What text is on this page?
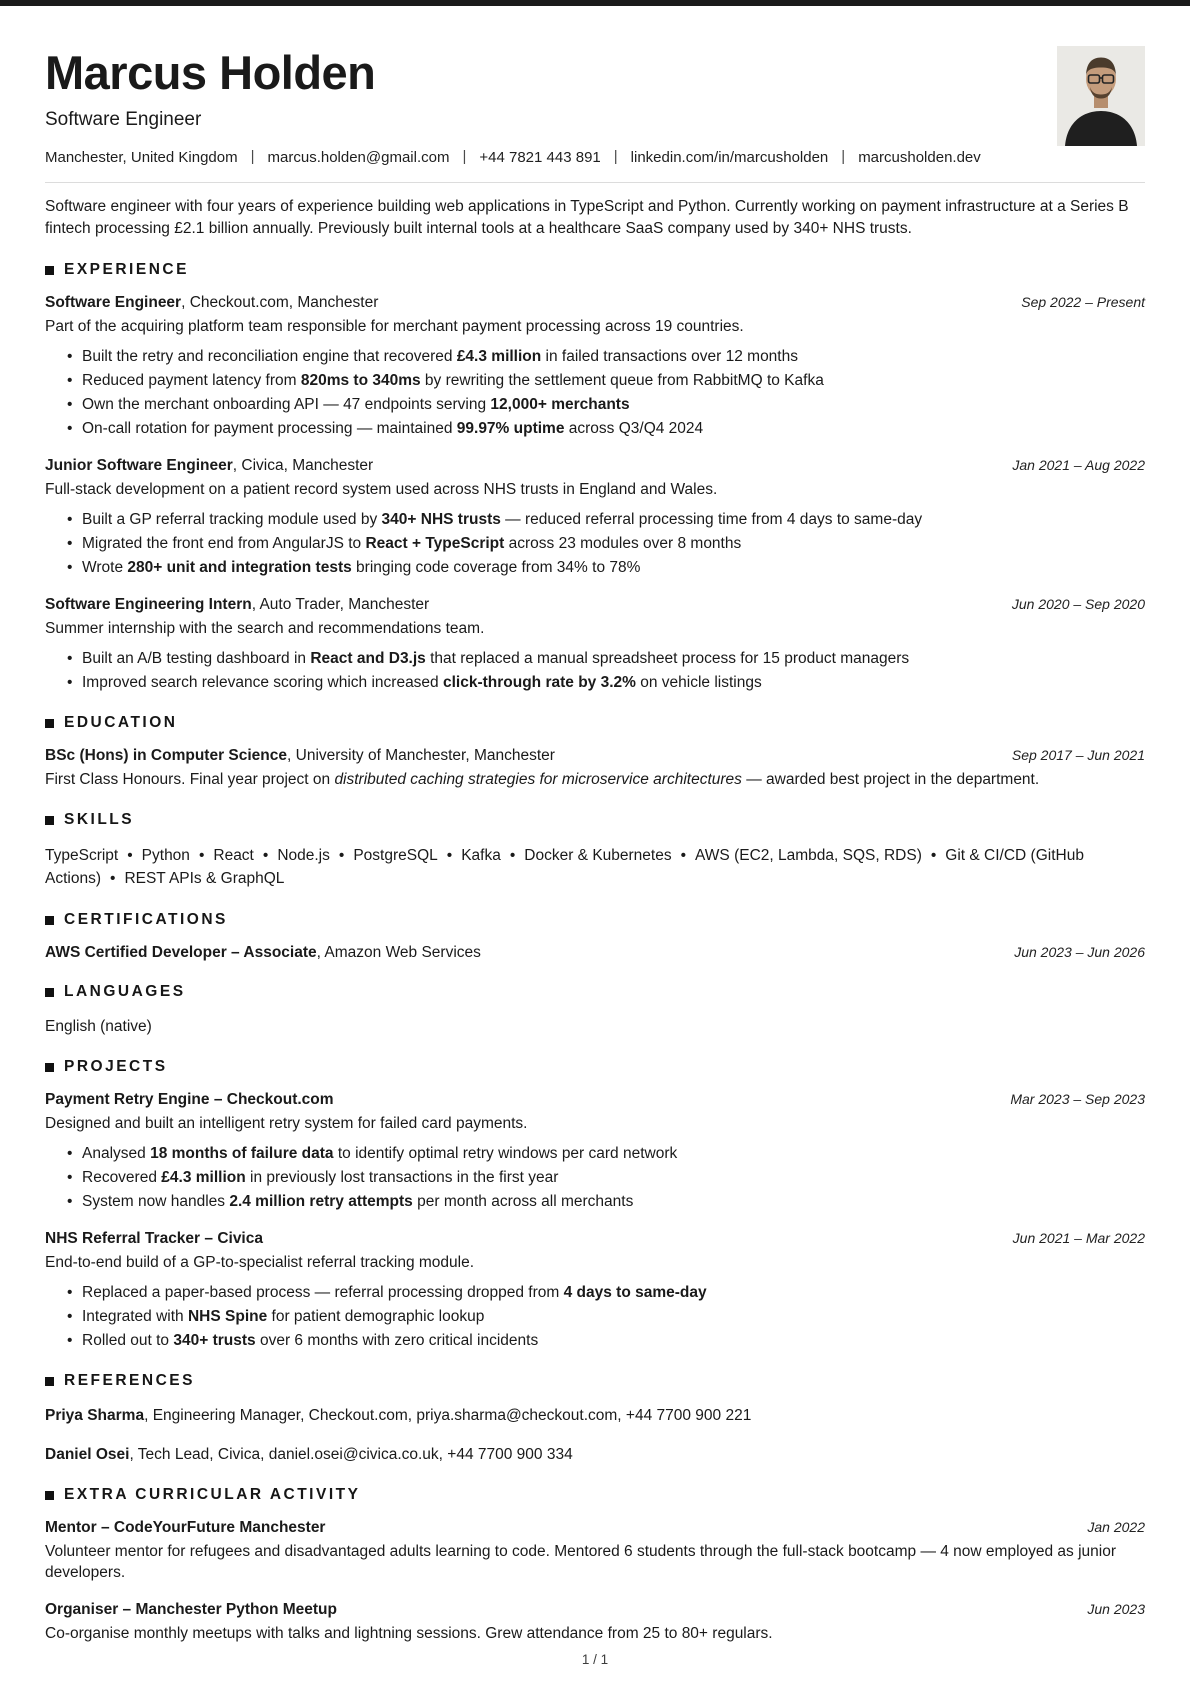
Marcus Holden
Software Engineer
Manchester, United Kingdom | marcus.holden@gmail.com | +44 7821 443 891 | linkedin.com/in/marcusholden | marcusholden.dev

Software engineer with four years of experience building web applications in TypeScript and Python. Currently working on payment infrastructure at a Series B fintech processing £2.1 billion annually. Previously built internal tools at a healthcare SaaS company used by 340+ NHS trusts.

EXPERIENCE
Software Engineer, Checkout.com, Manchester	Sep 2022 – Present

Part of the acquiring platform team responsible for merchant payment processing across 19 countries.

• Built the retry and reconciliation engine that recovered £4.3 million in failed transactions over 12 months
• Reduced payment latency from 820ms to 340ms by rewriting the settlement queue from RabbitMQ to Kafka
• Own the merchant onboarding API — 47 endpoints serving 12,000+ merchants
• On-call rotation for payment processing — maintained 99.97% uptime across Q3/Q4 2024
Junior Software Engineer, Civica, Manchester	Jan 2021 – Aug 2022

Full-stack development on a patient record system used across NHS trusts in England and Wales.

• Built a GP referral tracking module used by 340+ NHS trusts — reduced referral processing time from 4 days to same-day
• Migrated the front end from AngularJS to React + TypeScript across 23 modules over 8 months
• Wrote 280+ unit and integration tests bringing code coverage from 34% to 78%
Software Engineering Intern, Auto Trader, Manchester	Jun 2020 – Sep 2020

Summer internship with the search and recommendations team.

• Built an A/B testing dashboard in React and D3.js that replaced a manual spreadsheet process for 15 product managers
• Improved search relevance scoring which increased click-through rate by 3.2% on vehicle listings
EDUCATION
BSc (Hons) in Computer Science, University of Manchester, Manchester	Sep 2017 – Jun 2021

First Class Honours. Final year project on distributed caching strategies for microservice architectures — awarded best project in the department.

SKILLS

TypeScript • Python • React • Node.js • PostgreSQL • Kafka • Docker & Kubernetes • AWS (EC2, Lambda, SQS, RDS) • Git & CI/CD (GitHub Actions) • REST APIs & GraphQL

CERTIFICATIONS
AWS Certified Developer – Associate, Amazon Web Services	Jun 2023 – Jun 2026
LANGUAGES

English (native)

PROJECTS
Payment Retry Engine – Checkout.com	Mar 2023 – Sep 2023

Designed and built an intelligent retry system for failed card payments.

• Analysed 18 months of failure data to identify optimal retry windows per card network
• Recovered £4.3 million in previously lost transactions in the first year
• System now handles 2.4 million retry attempts per month across all merchants
NHS Referral Tracker – Civica	Jun 2021 – Mar 2022

End-to-end build of a GP-to-specialist referral tracking module.

• Replaced a paper-based process — referral processing dropped from 4 days to same-day
• Integrated with NHS Spine for patient demographic lookup
• Rolled out to 340+ trusts over 6 months with zero critical incidents
REFERENCES

Priya Sharma, Engineering Manager, Checkout.com, priya.sharma@checkout.com, +44 7700 900 221

Daniel Osei, Tech Lead, Civica, daniel.osei@civica.co.uk, +44 7700 900 334

EXTRA CURRICULAR ACTIVITY
Mentor – CodeYourFuture Manchester	Jan 2022

Volunteer mentor for refugees and disadvantaged adults learning to code. Mentored 6 students through the full-stack bootcamp — 4 now employed as junior developers.

Organiser – Manchester Python Meetup	Jun 2023

Co-organise monthly meetups with talks and lightning sessions. Grew attendance from 25 to 80+ regulars.

1 / 1
